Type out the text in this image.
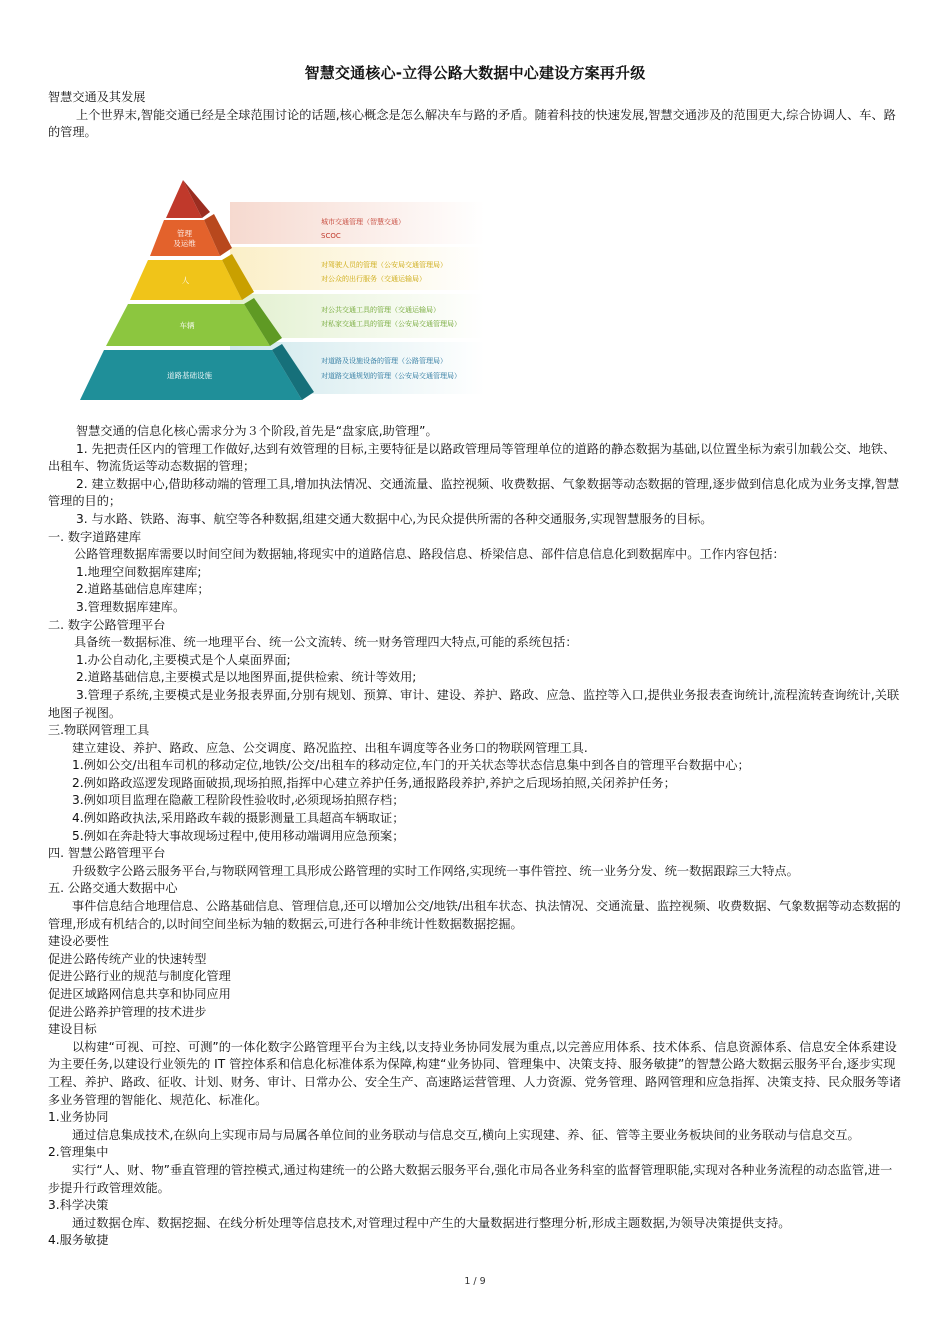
智慧交通核心-立得公路大数据中心建设方案再升级

智慧交通及其发展

上个世界末,智能交通已经是全球范围讨论的话题,核心概念是怎么解决车与路的矛盾。随着科技的快速发展,智慧交通涉及的范围更大,综合协调人、车、路的管理。

管理
及运维
人
车辆
道路基础设施
城市交通管理（智慧交通）
SCOC
对驾驶人员的管理（公安局交通管理局）
对公众的出行服务（交通运输局）
对公共交通工具的管理（交通运输局）
对私家交通工具的管理（公安局交通管理局）
对道路及设施设备的管理（公路管理局）
对道路交通规划的管理（公安局交通管理局）

智慧交通的信息化核心需求分为３个阶段,首先是“盘家底,助管理”。

1. 先把责任区内的管理工作做好,达到有效管理的目标,主要特征是以路政管理局等管理单位的道路的静态数据为基础,以位置坐标为索引加载公交、地铁、出租车、物流货运等动态数据的管理；

2. 建立数据中心,借助移动端的管理工具,增加执法情况、交通流量、监控视频、收费数据、气象数据等动态数据的管理,逐步做到信息化成为业务支撑,智慧管理的目的；

3. 与水路、铁路、海事、航空等各种数据,组建交通大数据中心,为民众提供所需的各种交通服务,实现智慧服务的目标。

一. 数字道路建库

公路管理数据库需要以时间空间为数据轴,将现实中的道路信息、路段信息、桥梁信息、部件信息信息化到数据库中。工作内容包括：

1.地理空间数据库建库;

2.道路基础信息库建库；

3.管理数据库建库。

二. 数字公路管理平台

具备统一数据标准、统一地理平台、统一公文流转、统一财务管理四大特点,可能的系统包括：

1.办公自动化,主要模式是个人桌面界面;

2.道路基础信息,主要模式是以地图界面,提供检索、统计等效用;

3.管理子系统,主要模式是业务报表界面,分别有规划、预算、审计、建设、养护、路政、应急、监控等入口,提供业务报表查询统计,流程流转查询统计,关联地图子视图。

三.物联网管理工具

建立建设、养护、路政、应急、公交调度、路况监控、出租车调度等各业务口的物联网管理工具.

1.例如公交/出租车司机的移动定位,地铁/公交/出租车的移动定位,车门的开关状态等状态信息集中到各自的管理平台数据中心；

2.例如路政巡逻发现路面破损,现场拍照,指挥中心建立养护任务,通报路段养护,养护之后现场拍照,关闭养护任务；

3.例如项目监理在隐蔽工程阶段性验收时,必须现场拍照存档；

4.例如路政执法,采用路政车载的摄影测量工具超高车辆取证；

5.例如在奔赴特大事故现场过程中,使用移动端调用应急预案；

四. 智慧公路管理平台

升级数字公路云服务平台,与物联网管理工具形成公路管理的实时工作网络,实现统一事件管控、统一业务分发、统一数据跟踪三大特点。

五. 公路交通大数据中心

事件信息结合地理信息、公路基础信息、管理信息,还可以增加公交/地铁/出租车状态、执法情况、交通流量、监控视频、收费数据、气象数据等动态数据的管理,形成有机结合的,以时间空间坐标为轴的数据云,可进行各种非统计性数据数据挖掘。

建设必要性

促进公路传统产业的快速转型

促进公路行业的规范与制度化管理

促进区域路网信息共享和协同应用

促进公路养护管理的技术进步

建设目标

以构建“可视、可控、可测”的一体化数字公路管理平台为主线,以支持业务协同发展为重点,以完善应用体系、技术体系、信息资源体系、信息安全体系建设为主要任务,以建设行业领先的 IT 管控体系和信息化标准体系为保障,构建“业务协同、管理集中、决策支持、服务敏捷”的智慧公路大数据云服务平台,逐步实现工程、养护、路政、征收、计划、财务、审计、日常办公、安全生产、高速路运营管理、人力资源、党务管理、路网管理和应急指挥、决策支持、民众服务等诸多业务管理的智能化、规范化、标准化。

1.业务协同

通过信息集成技术,在纵向上实现市局与局属各单位间的业务联动与信息交互,横向上实现建、养、征、管等主要业务板块间的业务联动与信息交互。

2.管理集中

实行“人、财、物”垂直管理的管控模式,通过构建统一的公路大数据云服务平台,强化市局各业务科室的监督管理职能,实现对各种业务流程的动态监管,进一步提升行政管理效能。

3.科学决策

通过数据仓库、数据挖掘、在线分析处理等信息技术,对管理过程中产生的大量数据进行整理分析,形成主题数据,为领导决策提供支持。

4.服务敏捷

1 / 9
